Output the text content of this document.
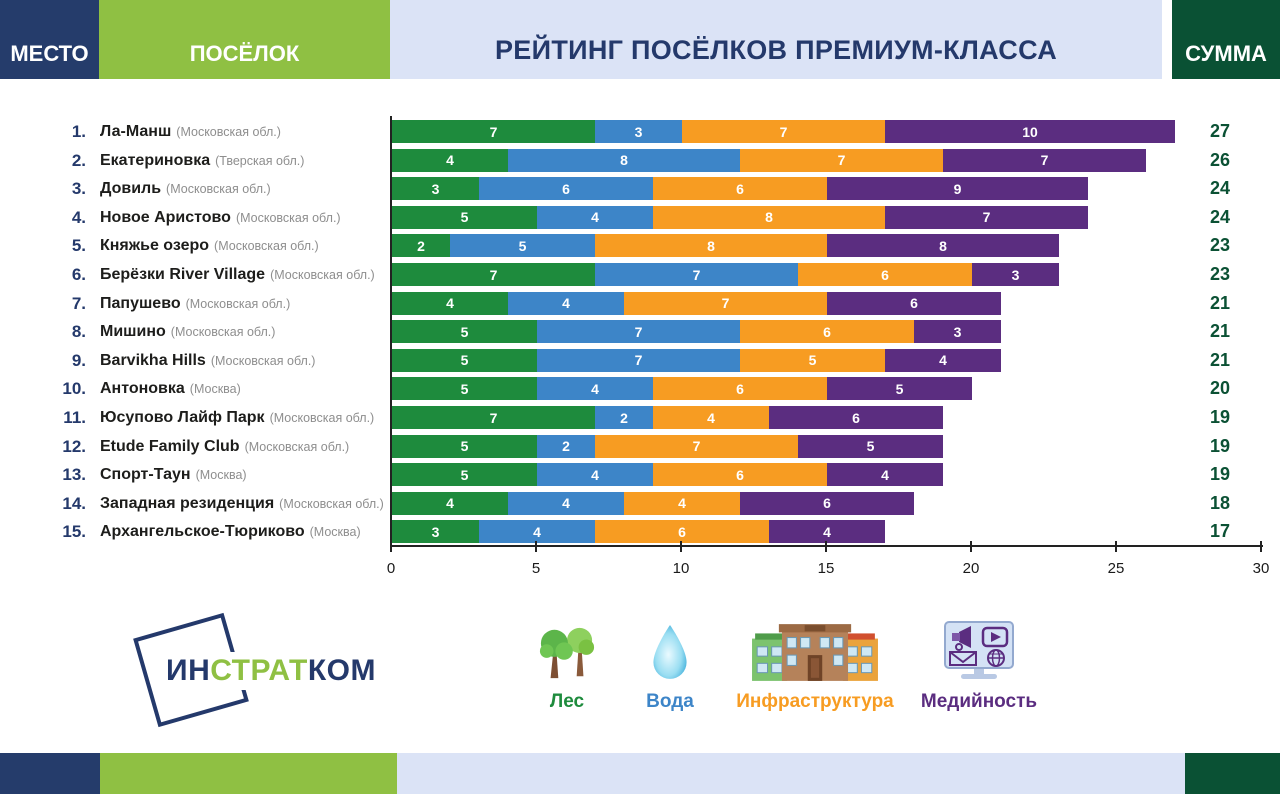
МЕСТО	ПОСЁЛОК	РЕЙТИНГ ПОСЁЛКОВ ПРЕМИУМ-КЛАССА	СУММА
1. Ла-Манш (Московская обл.)	7	3	7	10	27
2. Екатериновка (Тверская обл.)	4	8	7	7	26
3. Довиль (Московская обл.)	3	6	6	9	24
4. Новое Аристово (Московская обл.)	5	4	8	7	24
5. Княжье озеро (Московская обл.)	2	5	8	8	23
6. Берёзки River Village (Московская обл.)	7	7	6	3	23
7. Папушево (Московская обл.)	4	4	7	6	21
8. Мишино (Московская обл.)	5	7	6	3	21
9. Barvikha Hills (Московская обл.)	5	7	5	4	21
10. Антоновка (Москва)	5	4	6	5	20
11. Юсупово Лайф Парк (Московская обл.)	7	2	4	6	19
12. Etude Family Club (Московская обл.)	5	2	7	5	19
13. Спорт-Таун (Москва)	5	4	6	4	19
14. Западная резиденция (Московская обл.)	4	4	4	6	18
15. Архангельское-Тюриково (Москва)	3	4	6	4	17
0	5	10	15	20	25	30
ИНСТРАТКОМ
Лес	Вода	Инфраструктура	Медийность
